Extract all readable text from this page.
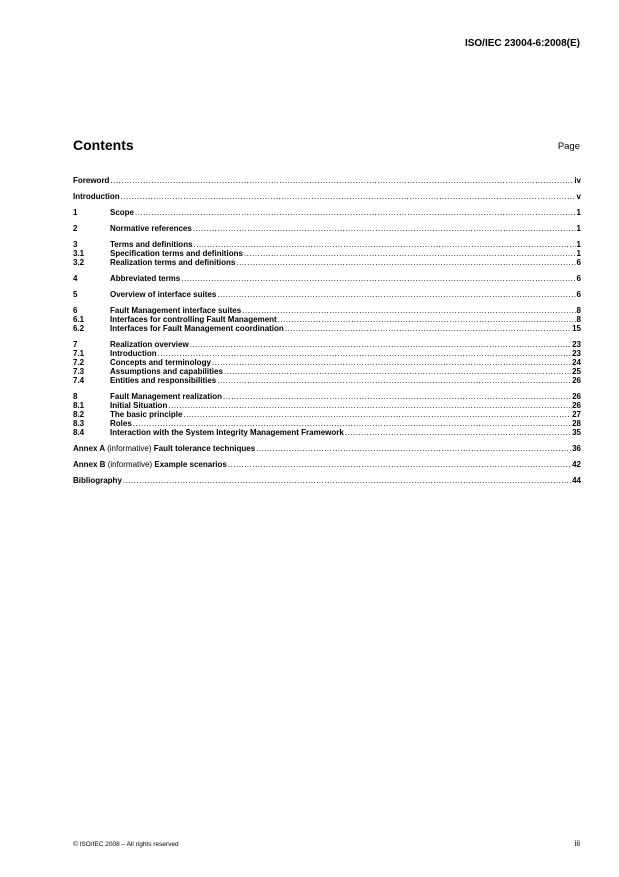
ISO/IEC 23004-6:2008(E)
Contents	Page
Foreword .....	iv
Introduction .....	v
1	Scope .....	1
2	Normative references .....	1
3	Terms and definitions .....	1
3.1	Specification terms and definitions .....	1
3.2	Realization terms and definitions .....	6
4	Abbreviated terms .....	6
5	Overview of interface suites .....	6
6	Fault Management interface suites .....	8
6.1	Interfaces for controlling Fault Management .....	8
6.2	Interfaces for Fault Management coordination .....	15
7	Realization overview .....	23
7.1	Introduction .....	23
7.2	Concepts and terminology .....	24
7.3	Assumptions and capabilities .....	25
7.4	Entities and responsibilities .....	26
8	Fault Management realization .....	26
8.1	Initial Situation .....	26
8.2	The basic principle .....	27
8.3	Roles .....	28
8.4	Interaction with the System Integrity Management Framework .....	35
Annex A (informative) Fault tolerance techniques .....	36
Annex B (informative) Example scenarios .....	42
Bibliography .....	44
© ISO/IEC 2008 – All rights reserved	iii
